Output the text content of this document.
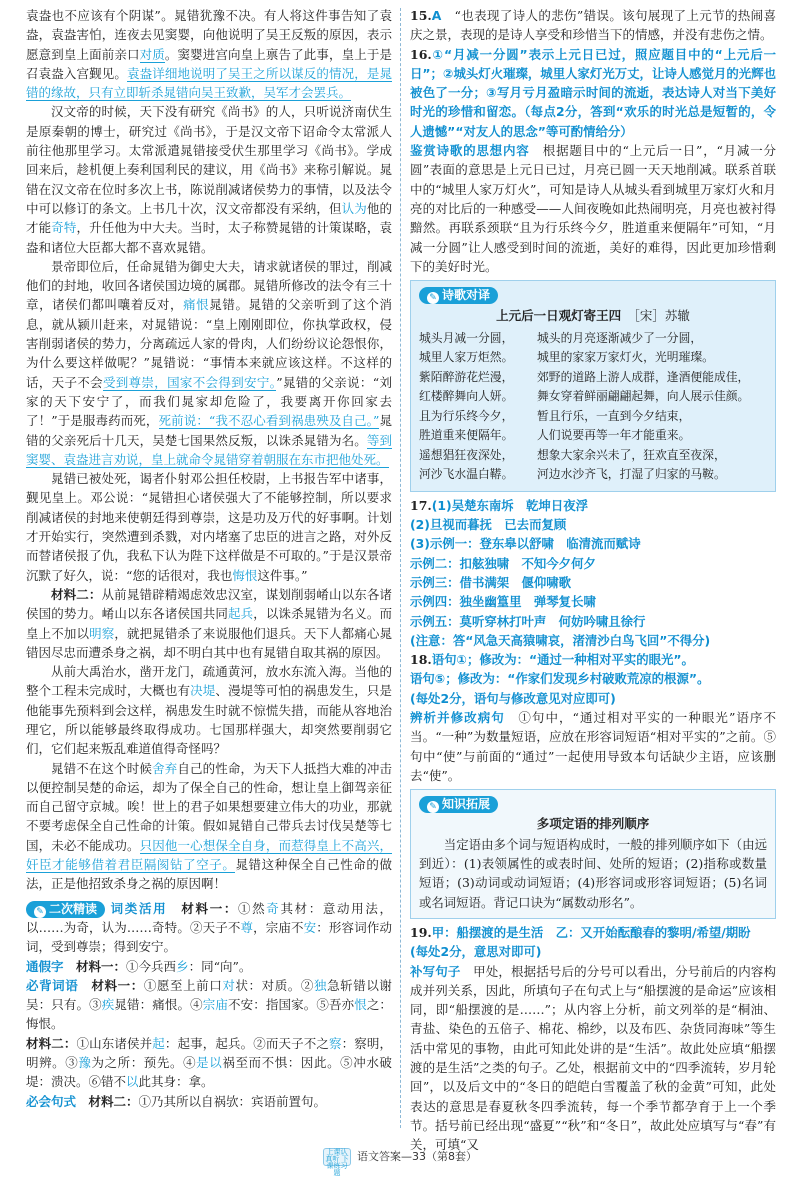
袁盎也不应该有个阴谋”。晁错犹豫不决。有人将这件事告知了袁盎，袁盎害怕，连夜去见窦婴，向他说明了吴王反叛的原因，表示愿意到皇上面前亲口对质。窦婴进宫向皇上禀告了此事，皇上于是召袁盎入宫觐见。袁盎详细地说明了吴王之所以谋反的情况，是晁错的缘故，只有立即斩杀晁错向吴王致歉，吴军才会罢兵。

汉文帝的时候，天下没有研究《尚书》的人，只听说济南伏生是原秦朝的博士，研究过《尚书》，于是汉文帝下诏命令太常派人前往他那里学习。太常派遣晁错接受伏生那里学习《尚书》。学成回来后，趁机便上奏利国利民的建议，用《尚书》来称引解说。晁错在汉文帝在位时多次上书，陈说削减诸侯势力的事情，以及法令中可以修订的条文。上书几十次，汉文帝都没有采纳，但认为他的才能奇特，升任他为中大夫。当时，太子称赞晁错的计策谋略，袁盎和诸位大臣都大都不喜欢晁错。

景帝即位后，任命晁错为御史大夫，请求就诸侯的罪过，削减他们的封地，收回各诸侯国边境的属郡。晁错所修改的法令有三十章，诸侯们都叫嚷着反对，痛恨晁错。晁错的父亲听到了这个消息，就从颍川赶来，对晁错说：“皇上刚刚即位，你执掌政权，侵害削弱诸侯的势力，分离疏远人家的骨肉，人们纷纷议论怨恨你，为什么要这样做呢？”晁错说：“事情本来就应该这样。不这样的话，天子不会受到尊崇，国家不会得到安宁。”晁错的父亲说：“刘家的天下安宁了，而我们晁家却危险了，我要离开你回家去了！”于是服毒药而死，死前说：“我不忍心看到祸患殃及自己。”晁错的父亲死后十几天，吴楚七国果然反叛，以诛杀晁错为名。等到窦婴、袁盎进言劝说，皇上就命令晁错穿着朝服在东市把他处死。

晁错已被处死，谒者仆射邓公担任校尉，上书报告军中诸事，觐见皇上。邓公说：“晁错担心诸侯强大了不能够控制，所以要求削减诸侯的封地来使朝廷得到尊崇，这是功及万代的好事啊。计划才开始实行，突然遭到杀戮，对内堵塞了忠臣的进言之路，对外反而替诸侯报了仇，我私下认为陛下这样做是不可取的。”于是汉景帝沉默了好久，说：“您的话很对，我也悔恨这件事。”

材料二：从前晁错辟精竭虑效忠汉室，谋划削弱崤山以东各诸侯国的势力。崤山以东各诸侯国共同起兵，以诛杀晁错为名义。而皇上不加以明察，就把晁错杀了来说服他们退兵。天下人都痛心晁错因尽忠而遭杀身之祸，却不明白其中也有晁错自取其祸的原因。

从前大禹治水，凿开龙门，疏通黄河，放水东流入海。当他的整个工程未完成时，大概也有决堤、漫堤等可怕的祸患发生，只是他能事先预料到会这样，祸患发生时就不惊慌失措，而能从容地治理它，所以能够最终取得成功。七国那样强大，却突然要削弱它们，它们起来叛乱难道值得奇怪吗？

晁错不在这个时候舍弃自己的性命，为天下人抵挡大难的冲击以便控制吴楚的命运，却为了保全自己的性命，想让皇上御驾亲征而自己留守京城。唉！世上的君子如果想要建立伟大的功业，那就不要考虑保全自己性命的计策。假如晁错自己带兵去讨伐吴楚等七国，未必不能成功。只因他一心想保全自身，而惹得皇上不高兴，奸臣才能够借着君臣隔阂钻了空子。晁错这种保全自己性命的做法，正是他招致杀身之祸的原因啊！

✎ 二次精读 词类活用　 材料一：①然奇其材：意动用法，以……为奇，认为……奇特。②天子不尊，宗庙不安：形容词作动词，受到尊崇；得到安宁。

通假字　 材料一：①今兵西乡：同“向”。

必背词语　 材料一：①愿至上前口对状：对质。②独急斩错以谢吴：只有。③疾晁错：痛恨。④宗庙不安：指国家。⑤吾亦恨之：悔恨。

材料二：①山东诸侯并起：起事，起兵。②而天子不之察：察明，明辨。③豫为之所：预先。④是以祸至而不惧：因此。⑤冲水破堤：溃决。⑥错不以此其身：拿。

必会句式　 材料二：①乃其所以自祸欤：宾语前置句。

15.A　 “也表现了诗人的悲伤”错误。该句展现了上元节的热闹喜庆之景，表现的是诗人享受和珍惜当下的情感，并没有悲伤之情。

16.①“月减一分圆”表示上元日已过，照应题目中的“上元后一日”；②城头灯火璀璨，城里人家灯光万丈，让诗人感觉月的光辉也被色了一分；③写月亏月盈暗示时间的流逝，表达诗人对当下美好时光的珍惜和留恋。（每点2分，答到“欢乐的时光总是短暂的，令人遗憾”“对友人的思念”等可酌情给分）

鉴赏诗歌的思想内容　 根据题目中的“上元后一日”，“月减一分圆”表面的意思是上元日已过，月亮已圆一天天地削减。联系首联中的“城里人家万灯火”，可知是诗人从城头看到城里万家灯火和月亮的对比后的一种感受——人间夜晚如此热闹明亮，月亮也被衬得黯然。再联系颈联“且为行乐终今夕，胜道重来便隔年”可知，“月减一分圆”让人感受到时间的流逝，美好的难得，因此更加珍惜剩下的美好时光。

✎ 诗歌对译
上元后一日观灯寄王四　 ［宋］苏辙
城头月减一分圆，	城头的月亮逐渐减少了一分圆，
城里人家万炬然。	城里的家家万家灯火，光明璀璨。
紫陌醉游花烂漫，	郊野的道路上游人成群，逢酒便能成佳，
红楼醉舞向人妍。	舞女穿着鲜丽翩翩起舞，向人展示佳颜。
且为行乐终今夕，	暂且行乐，一直到今夕结束，
胜道重来便隔年。	人们说要再等一年才能重来。
遥想猖狂夜深处，	想象大家余兴未了，狂欢直至夜深，
河沙飞水温白鞯。	河边水沙齐飞，打湿了归家的马鞍。

17.(1)吴楚东南坼　乾坤日夜浮

(2)旦视而暮抚　已去而复顾

(3)示例一：登东皋以舒啸　临清流而赋诗

示例二：扣舷独啸　不知今夕何夕

示例三：借书满架　偃仰啸歌

示例四：独坐幽篁里　弹琴复长啸

示例五：莫听穿林打叶声　何妨吟啸且徐行

(注意：答“风急天高猿啸哀，渚清沙白鸟飞回”不得分)

18.语句①；修改为：“通过一种相对平实的眼光”。

语句⑤；修改为：“作家们发现乡村破败荒凉的根源”。

(每处2分，语句与修改意见对应即可)

辨析并修改病句　 ①句中，“通过相对平实的一种眼光”语序不当。“一种”为数量短语，应放在形容词短语“相对平实的”之前。⑤句中“使”与前面的“通过”一起使用导致本句话缺少主语，应该删去“使”。

✎ 知识拓展
多项定语的排列顺序

当定语由多个词与短语构成时，一般的排列顺序如下（由远到近）：(1)表领属性的或表时间、处所的短语；(2)指称或数量短语；(3)动词或动词短语；(4)形容词或形容词短语；(5)名词或名词短语。背记口诀为“属数动形名”。

19.甲：船摆渡的是生活　乙：又开始酝酿春的黎明/希望/期盼

(每处2分，意思对即可)

补写句子　 甲处，根据括号后的分号可以看出，分号前后的内容构成并列关系，因此，所填句子在句式上与“船摆渡的是命运”应该相同，即“船摆渡的是……”；从内容上分析，前文列举的是“桐油、青盐、染色的五倍子、棉花、棉纱，以及布匹、杂货同海味”等生活中常见的事物，由此可知此处讲的是“生活”。故此处应填“船摆渡的是生活”之类的句子。乙处，根据前文中的“四季流转，岁月轮回”，以及后文中的“冬日的皑皑白雪覆盖了秋的金黄”可知，此处表达的意思是春夏秋冬四季流转，每一个季节都孕育于上一个季节。括号前已经出现“盛夏”“秋”和“冬日”，故此处应填写与“春”有关，可填“又

上课认真听 下课练习题语文答案—33（第8套）
